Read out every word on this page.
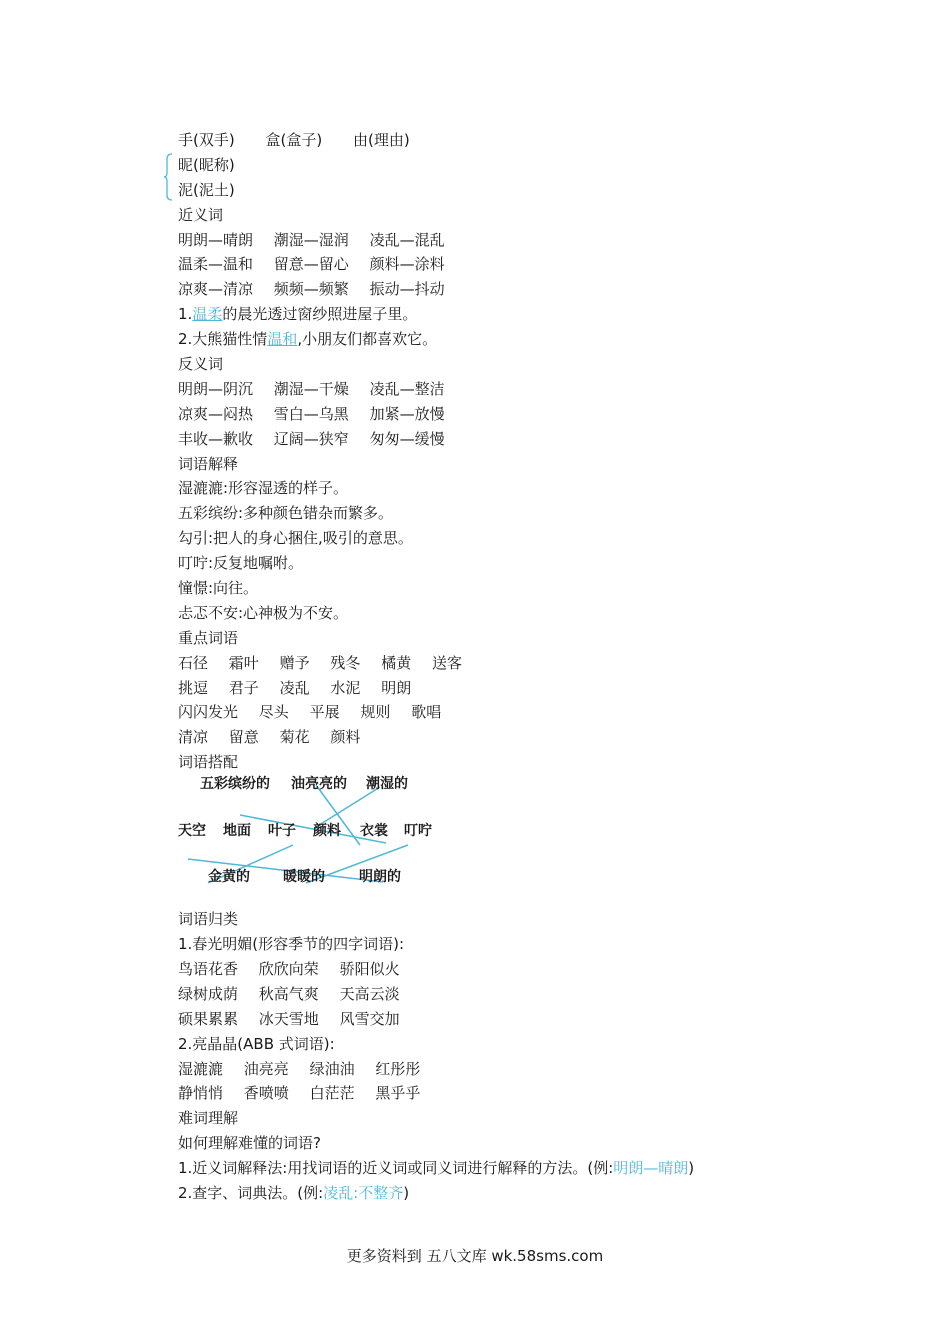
手(双手) 盒(盒子) 由(理由)
昵(昵称)
泥(泥土)
近义词
明朗—晴朗 潮湿—湿润 凌乱—混乱
温柔—温和 留意—留心 颜料—涂料
凉爽—清凉 频频—频繁 振动—抖动
1.温柔的晨光透过窗纱照进屋子里。
2.大熊猫性情温和,小朋友们都喜欢它。
反义词
明朗—阴沉 潮湿—干燥 凌乱—整洁
凉爽—闷热 雪白—乌黑 加紧—放慢
丰收—歉收 辽阔—狭窄 匆匆—缓慢
词语解释
湿漉漉:形容湿透的样子。
五彩缤纷:多种颜色错杂而繁多。
勾引:把人的身心捆住,吸引的意思。
叮咛:反复地嘱咐。
憧憬:向往。
忐忑不安:心神极为不安。
重点词语
石径 霜叶 赠予 残冬 橘黄 送客
挑逗 君子 凌乱 水泥 明朗
闪闪发光 尽头 平展 规则 歌唱
清凉 留意 菊花 颜料
词语搭配
五彩缤纷的 油亮亮的 潮湿的
天空 地面 叶子 颜料 衣裳 叮咛
金黄的 暖暖的 明朗的
词语归类
1.春光明媚(形容季节的四字词语):
鸟语花香 欣欣向荣 骄阳似火
绿树成荫 秋高气爽 天高云淡
硕果累累 冰天雪地 风雪交加
2.亮晶晶(ABB 式词语):
湿漉漉 油亮亮 绿油油 红彤彤
静悄悄 香喷喷 白茫茫 黑乎乎
难词理解
如何理解难懂的词语?
1.近义词解释法:用找词语的近义词或同义词进行解释的方法。(例:明朗—晴朗)
2.查字、词典法。(例:凌乱:不整齐)
更多资料到 五八文库 wk.58sms.com
